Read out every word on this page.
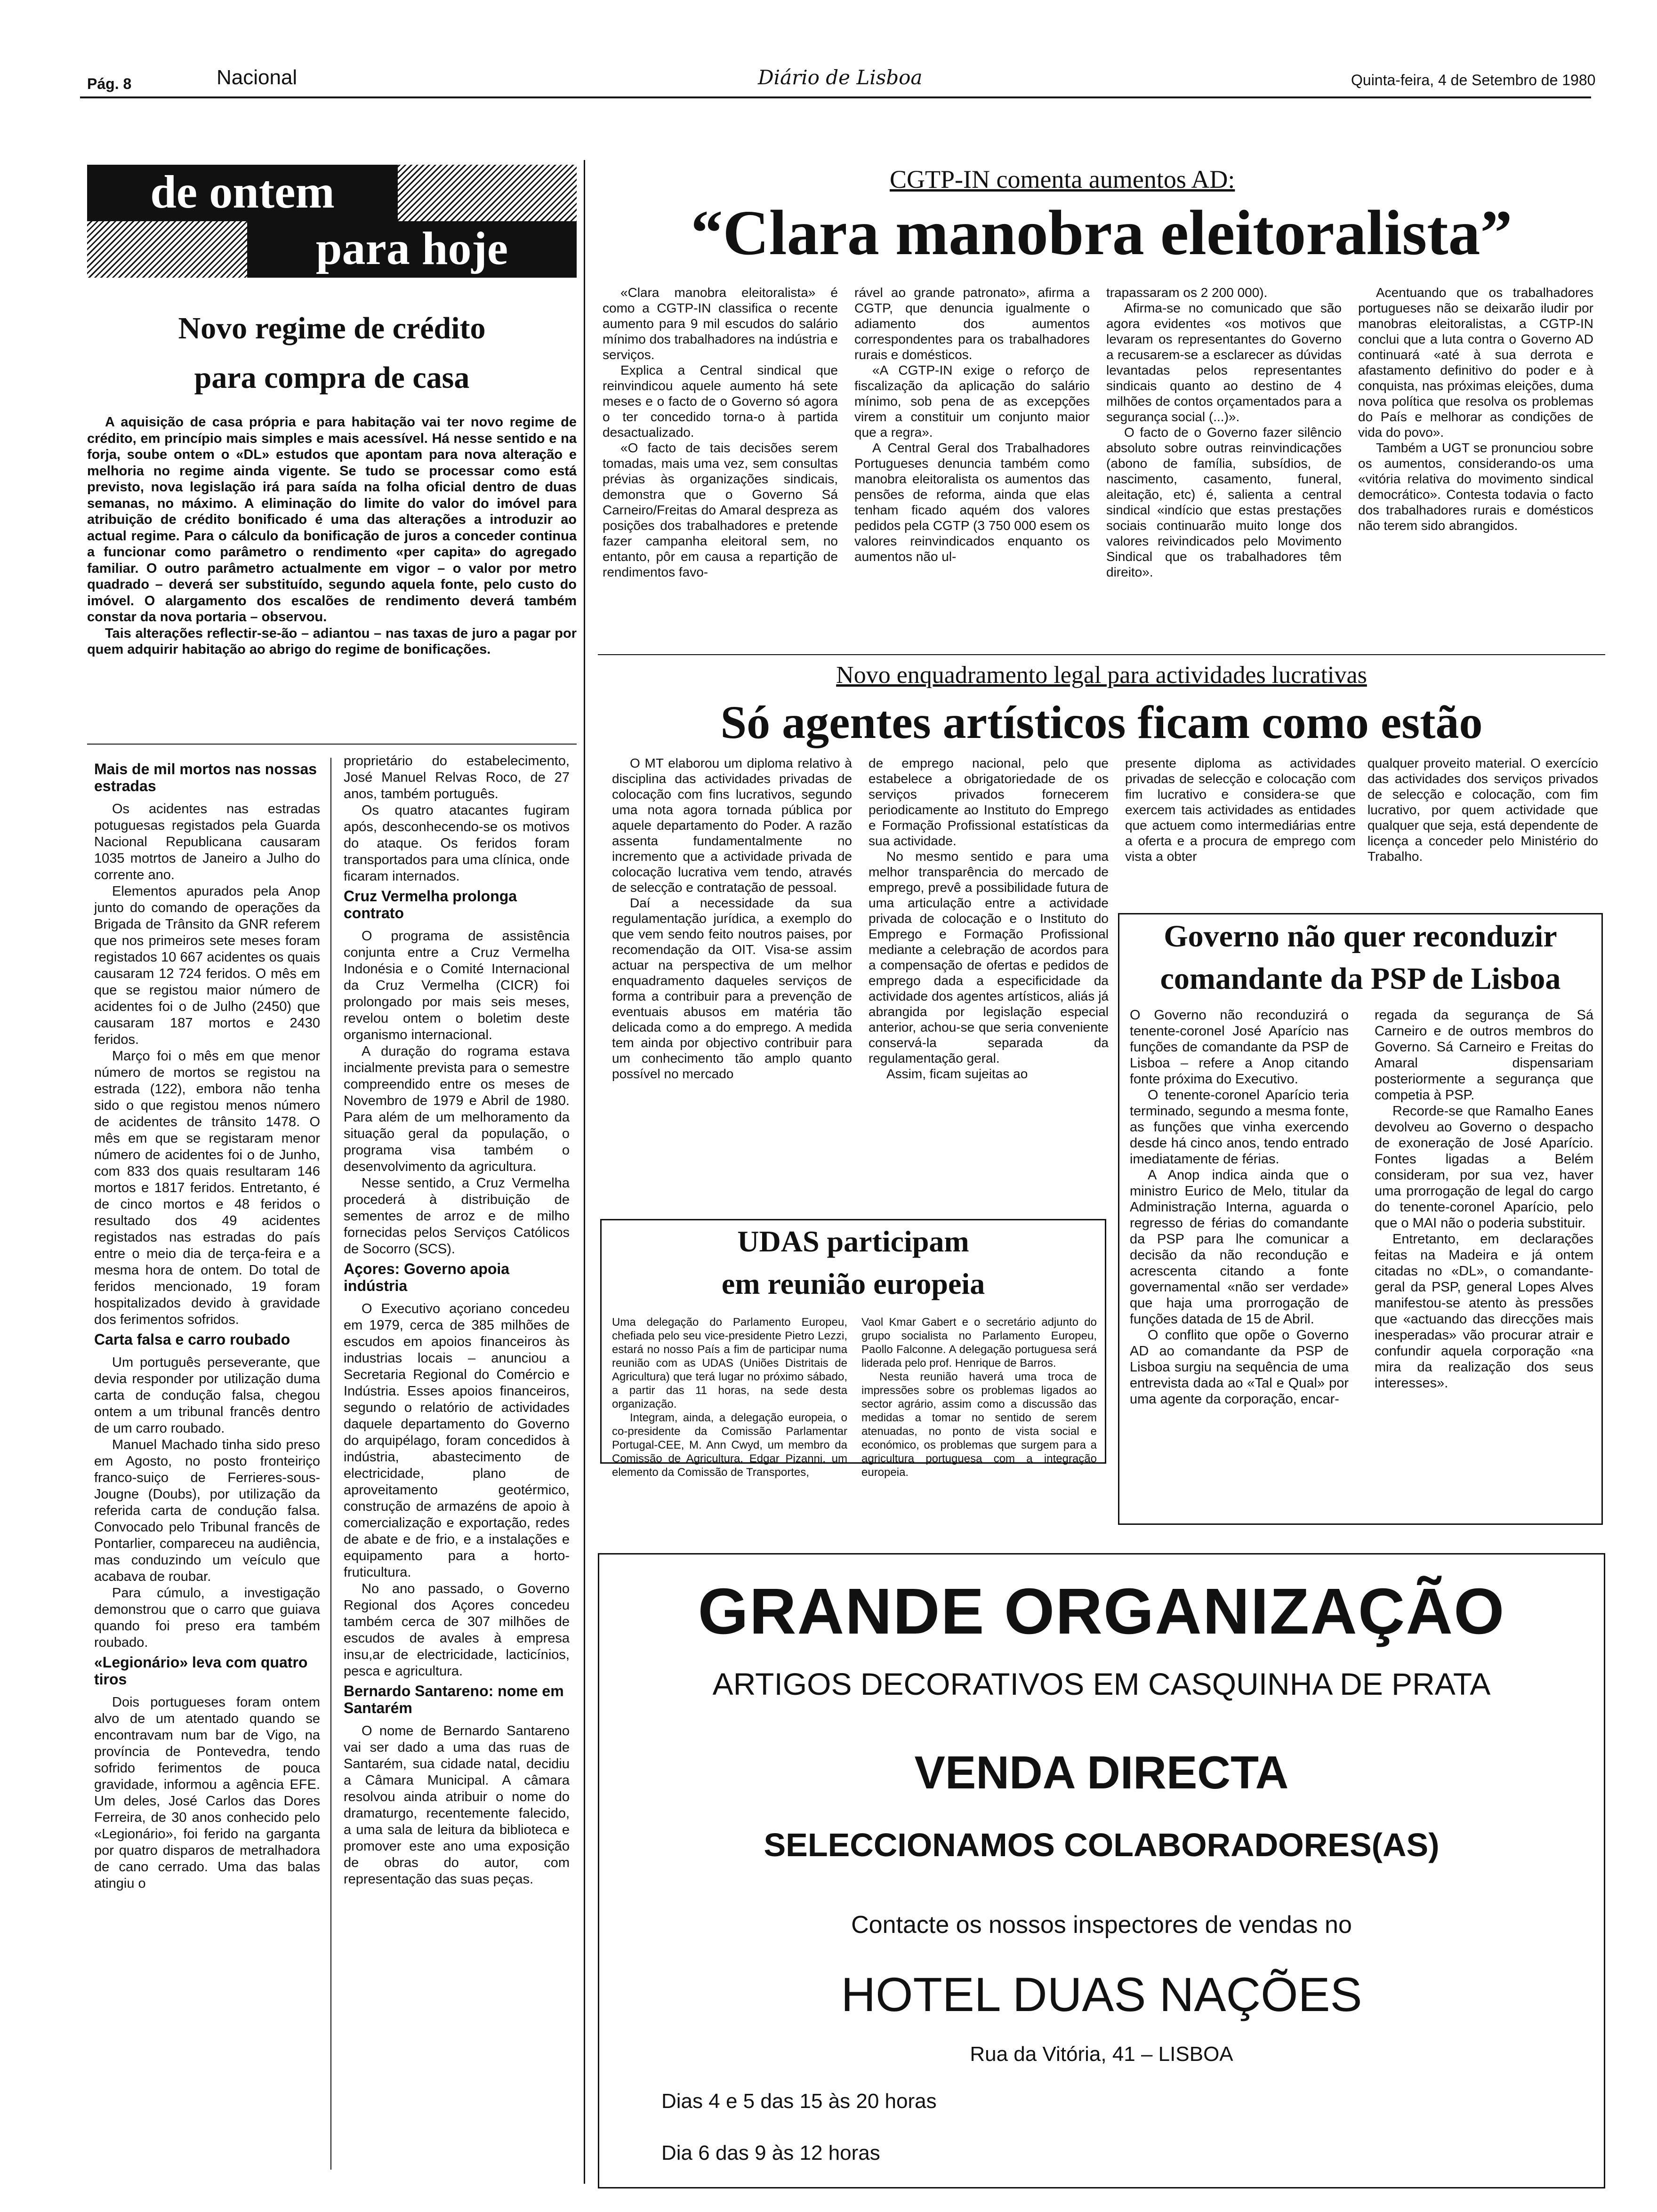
Pág. 8	Nacional	Diário de Lisboa	Quinta-feira, 4 de Setembro de 1980
de ontem
para hoje
Novo regime de crédito
para compra de casa

A aquisição de casa própria e para habitação vai ter novo regime de crédito, em princípio mais simples e mais acessível. Há nesse sentido e na forja, soube ontem o «DL» estudos que apontam para nova alteração e melhoria no regime ainda vigente. Se tudo se processar como está previsto, nova legislação irá para saída na folha oficial dentro de duas semanas, no máximo. A eliminação do limite do valor do imóvel para atribuição de crédito bonificado é uma das alterações a introduzir ao actual regime. Para o cálculo da bonificação de juros a conceder continua a funcionar como parâmetro o rendimento «per capita» do agregado familiar. O outro parâmetro actualmente em vigor – o valor por metro quadrado – deverá ser substituído, segundo aquela fonte, pelo custo do imóvel. O alargamento dos escalões de rendimento deverá também constar da nova portaria – observou.

Tais alterações reflectir-se-ão – adiantou – nas taxas de juro a pagar por quem adquirir habitação ao abrigo do regime de bonificações.

Mais de mil mortos nas nossas estradas

Os acidentes nas estradas potuguesas registados pela Guarda Nacional Republicana causaram 1035 motrtos de Janeiro a Julho do corrente ano.

Elementos apurados pela Anop junto do comando de operações da Brigada de Trânsito da GNR referem que nos primeiros sete meses foram registados 10 667 acidentes os quais causaram 12 724 feridos. O mês em que se registou maior número de acidentes foi o de Julho (2450) que causaram 187 mortos e 2430 feridos.

Março foi o mês em que menor número de mortos se registou na estrada (122), embora não tenha sido o que registou menos número de acidentes de trânsito 1478. O mês em que se registaram menor número de acidentes foi o de Junho, com 833 dos quais resultaram 146 mortos e 1817 feridos. Entretanto, é de cinco mortos e 48 feridos o resultado dos 49 acidentes registados nas estradas do país entre o meio dia de terça-feira e a mesma hora de ontem. Do total de feridos mencionado, 19 foram hospitalizados devido à gravidade dos ferimentos sofridos.

Carta falsa e carro roubado

Um português perseverante, que devia responder por utilização duma carta de condução falsa, chegou ontem a um tribunal francês dentro de um carro roubado.

Manuel Machado tinha sido preso em Agosto, no posto fronteiriço franco-suiço de Ferrieres-sous-Jougne (Doubs), por utilização da referida carta de condução falsa. Convocado pelo Tribunal francês de Pontarlier, compareceu na audiência, mas conduzindo um veículo que acabava de roubar.

Para cúmulo, a investigação demonstrou que o carro que guiava quando foi preso era também roubado.

«Legionário» leva com quatro tiros

Dois portugueses foram ontem alvo de um atentado quando se encontravam num bar de Vigo, na província de Pontevedra, tendo sofrido ferimentos de pouca gravidade, informou a agência EFE. Um deles, José Carlos das Dores Ferreira, de 30 anos conhecido pelo «Legionário», foi ferido na garganta por quatro disparos de metralhadora de cano cerrado. Uma das balas atingiu o

proprietário do estabelecimento, José Manuel Relvas Roco, de 27 anos, também português.

Os quatro atacantes fugiram após, desconhecendo-se os motivos do ataque. Os feridos foram transportados para uma clínica, onde ficaram internados.

Cruz Vermelha prolonga contrato

O programa de assistência conjunta entre a Cruz Vermelha Indonésia e o Comité Internacional da Cruz Vermelha (CICR) foi prolongado por mais seis meses, revelou ontem o boletim deste organismo internacional.

A duração do rograma estava incialmente prevista para o semestre compreendido entre os meses de Novembro de 1979 e Abril de 1980. Para além de um melhoramento da situação geral da população, o programa visa também o desenvolvimento da agricultura.

Nesse sentido, a Cruz Vermelha procederá à distribuição de sementes de arroz e de milho fornecidas pelos Serviços Católicos de Socorro (SCS).

Açores: Governo apoia indústria

O Executivo açoriano concedeu em 1979, cerca de 385 milhões de escudos em apoios financeiros às industrias locais – anunciou a Secretaria Regional do Comércio e Indústria. Esses apoios financeiros, segundo o relatório de actividades daquele departamento do Governo do arquipélago, foram concedidos à indústria, abastecimento de electricidade, plano de aproveitamento geotérmico, construção de armazéns de apoio à comercialização e exportação, redes de abate e de frio, e a instalações e equipamento para a horto-fruticultura.

No ano passado, o Governo Regional dos Açores concedeu também cerca de 307 milhões de escudos de avales à empresa insu,ar de electricidade, lacticínios, pesca e agricultura.

Bernardo Santareno: nome em Santarém

O nome de Bernardo Santareno vai ser dado a uma das ruas de Santarém, sua cidade natal, decidiu a Câmara Municipal. A câmara resolvou ainda atribuir o nome do dramaturgo, recentemente falecido, a uma sala de leitura da biblioteca e promover este ano uma exposição de obras do autor, com representação das suas peças.

CGTP-IN comenta aumentos AD:
“Clara manobra eleitoralista”

«Clara manobra eleitoralista» é como a CGTP-IN classifica o recente aumento para 9 mil escudos do salário mínimo dos trabalhadores na indústria e serviços.

Explica a Central sindical que reinvindicou aquele aumento há sete meses e o facto de o Governo só agora o ter concedido torna-o à partida desactualizado.

«O facto de tais decisões serem tomadas, mais uma vez, sem consultas prévias às organizações sindicais, demonstra que o Governo Sá Carneiro/Freitas do Amaral despreza as posições dos trabalhadores e pretende fazer campanha eleitoral sem, no entanto, pôr em causa a repartição de rendimentos favo-

rável ao grande patronato», afirma a CGTP, que denuncia igualmente o adiamento dos aumentos correspondentes para os trabalhadores rurais e domésticos.

«A CGTP-IN exige o reforço de fiscalização da aplicação do salário mínimo, sob pena de as excepções virem a constituir um conjunto maior que a regra».

A Central Geral dos Trabalhadores Portugueses denuncia também como manobra eleitoralista os aumentos das pensões de reforma, ainda que elas tenham ficado aquém dos valores pedidos pela CGTP (3 750 000 esem os valores reinvindicados enquanto os aumentos não ul-

trapassaram os 2 200 000).

Afirma-se no comunicado que são agora evidentes «os motivos que levaram os representantes do Governo a recusarem-se a esclarecer as dúvidas levantadas pelos representantes sindicais quanto ao destino de 4 milhões de contos orçamentados para a segurança social (...)».

O facto de o Governo fazer silêncio absoluto sobre outras reinvindicações (abono de família, subsídios, de nascimento, casamento, funeral, aleitação, etc) é, salienta a central sindical «indício que estas prestações sociais continuarão muito longe dos valores reivindicados pelo Movimento Sindical que os trabalhadores têm direito».

Acentuando que os trabalhadores portugueses não se deixarão iludir por manobras eleitoralistas, a CGTP-IN conclui que a luta contra o Governo AD continuará «até à sua derrota e afastamento definitivo do poder e à conquista, nas próximas eleições, duma nova política que resolva os problemas do País e melhorar as condições de vida do povo».

Também a UGT se pronunciou sobre os aumentos, considerando-os uma «vitória relativa do movimento sindical democrático». Contesta todavia o facto dos trabalhadores rurais e domésticos não terem sido abrangidos.

Novo enquadramento legal para actividades lucrativas
Só agentes artísticos ficam como estão

O MT elaborou um diploma relativo à disciplina das actividades privadas de colocação com fins lucrativos, segundo uma nota agora tornada pública por aquele departamento do Poder. A razão assenta fundamentalmente no incremento que a actividade privada de colocação lucrativa vem tendo, através de selecção e contratação de pessoal.

Daí a necessidade da sua regulamentação jurídica, a exemplo do que vem sendo feito noutros paises, por recomendação da OIT. Visa-se assim actuar na perspectiva de um melhor enquadramento daqueles serviços de forma a contribuir para a prevenção de eventuais abusos em matéria tão delicada como a do emprego. A medida tem ainda por objectivo contribuir para um conhecimento tão amplo quanto possível no mercado

de emprego nacional, pelo que estabelece a obrigatoriedade de os serviços privados fornecerem periodicamente ao Instituto do Emprego e Formação Profissional estatísticas da sua actividade.

No mesmo sentido e para uma melhor transparência do mercado de emprego, prevê a possibilidade futura de uma articulação entre a actividade privada de colocação e o Instituto do Emprego e Formação Profissional mediante a celebração de acordos para a compensação de ofertas e pedidos de emprego dada a especificidade da actividade dos agentes artísticos, aliás já abrangida por legislação especial anterior, achou-se que seria conveniente conservá-la separada da regulamentação geral.

Assim, ficam sujeitas ao

presente diploma as actividades privadas de selecção e colocação com fim lucrativo e considera-se que exercem tais actividades as entidades que actuem como intermediárias entre a oferta e a procura de emprego com vista a obter

qualquer proveito material. O exercício das actividades dos serviços privados de selecção e colocação, com fim lucrativo, por quem actividade que qualquer que seja, está dependente de licença a conceder pelo Ministério do Trabalho.

Governo não quer reconduzir
comandante da PSP de Lisboa

O Governo não reconduzirá o tenente-coronel José Aparício nas funções de comandante da PSP de Lisboa – refere a Anop citando fonte próxima do Executivo.

O tenente-coronel Aparício teria terminado, segundo a mesma fonte, as funções que vinha exercendo desde há cinco anos, tendo entrado imediatamente de férias.

A Anop indica ainda que o ministro Eurico de Melo, titular da Administração Interna, aguarda o regresso de férias do comandante da PSP para lhe comunicar a decisão da não recondução e acrescenta citando a fonte governamental «não ser verdade» que haja uma prorrogação de funções datada de 15 de Abril.

O conflito que opõe o Governo AD ao comandante da PSP de Lisboa surgiu na sequência de uma entrevista dada ao «Tal e Qual» por uma agente da corporação, encar-

regada da segurança de Sá Carneiro e de outros membros do Governo. Sá Carneiro e Freitas do Amaral dispensariam posteriormente a segurança que competia à PSP.

Recorde-se que Ramalho Eanes devolveu ao Governo o despacho de exoneração de José Aparício. Fontes ligadas a Belém consideram, por sua vez, haver uma prorrogação de legal do cargo do tenente-coronel Aparício, pelo que o MAI não o poderia substituir.

Entretanto, em declarações feitas na Madeira e já ontem citadas no «DL», o comandante-geral da PSP, general Lopes Alves manifestou-se atento às pressões que «actuando das direcções mais inesperadas» vão procurar atrair e confundir aquela corporação «na mira da realização dos seus interesses».

UDAS participam
em reunião europeia

Uma delegação do Parlamento Europeu, chefiada pelo seu vice-presidente Pietro Lezzi, estará no nosso País a fim de participar numa reunião com as UDAS (Uniões Distritais de Agricultura) que terá lugar no próximo sábado, a partir das 11 horas, na sede desta organização.

Integram, ainda, a delegação europeia, o co-presidente da Comissão Parlamentar Portugal-CEE, M. Ann Cwyd, um membro da Comissão de Agricultura, Edgar Pizanni, um elemento da Comissão de Transportes,

Vaol Kmar Gabert e o secretário adjunto do grupo socialista no Parlamento Europeu, Paollo Falconne. A delegação portuguesa será liderada pelo prof. Henrique de Barros.

Nesta reunião haverá uma troca de impressões sobre os problemas ligados ao sector agrário, assim como a discussão das medidas a tomar no sentido de serem atenuadas, no ponto de vista social e económico, os problemas que surgem para a agricultura portuguesa com a integração europeia.

GRANDE ORGANIZAÇÃO
ARTIGOS DECORATIVOS EM CASQUINHA DE PRATA
VENDA DIRECTA
SELECCIONAMOS COLABORADORES(AS)
Contacte os nossos inspectores de vendas no
HOTEL DUAS NAÇÕES
Rua da Vitória, 41 – LISBOA
Dias 4 e 5 das 15 às 20 horas
Dia 6 das 9 às 12 horas
